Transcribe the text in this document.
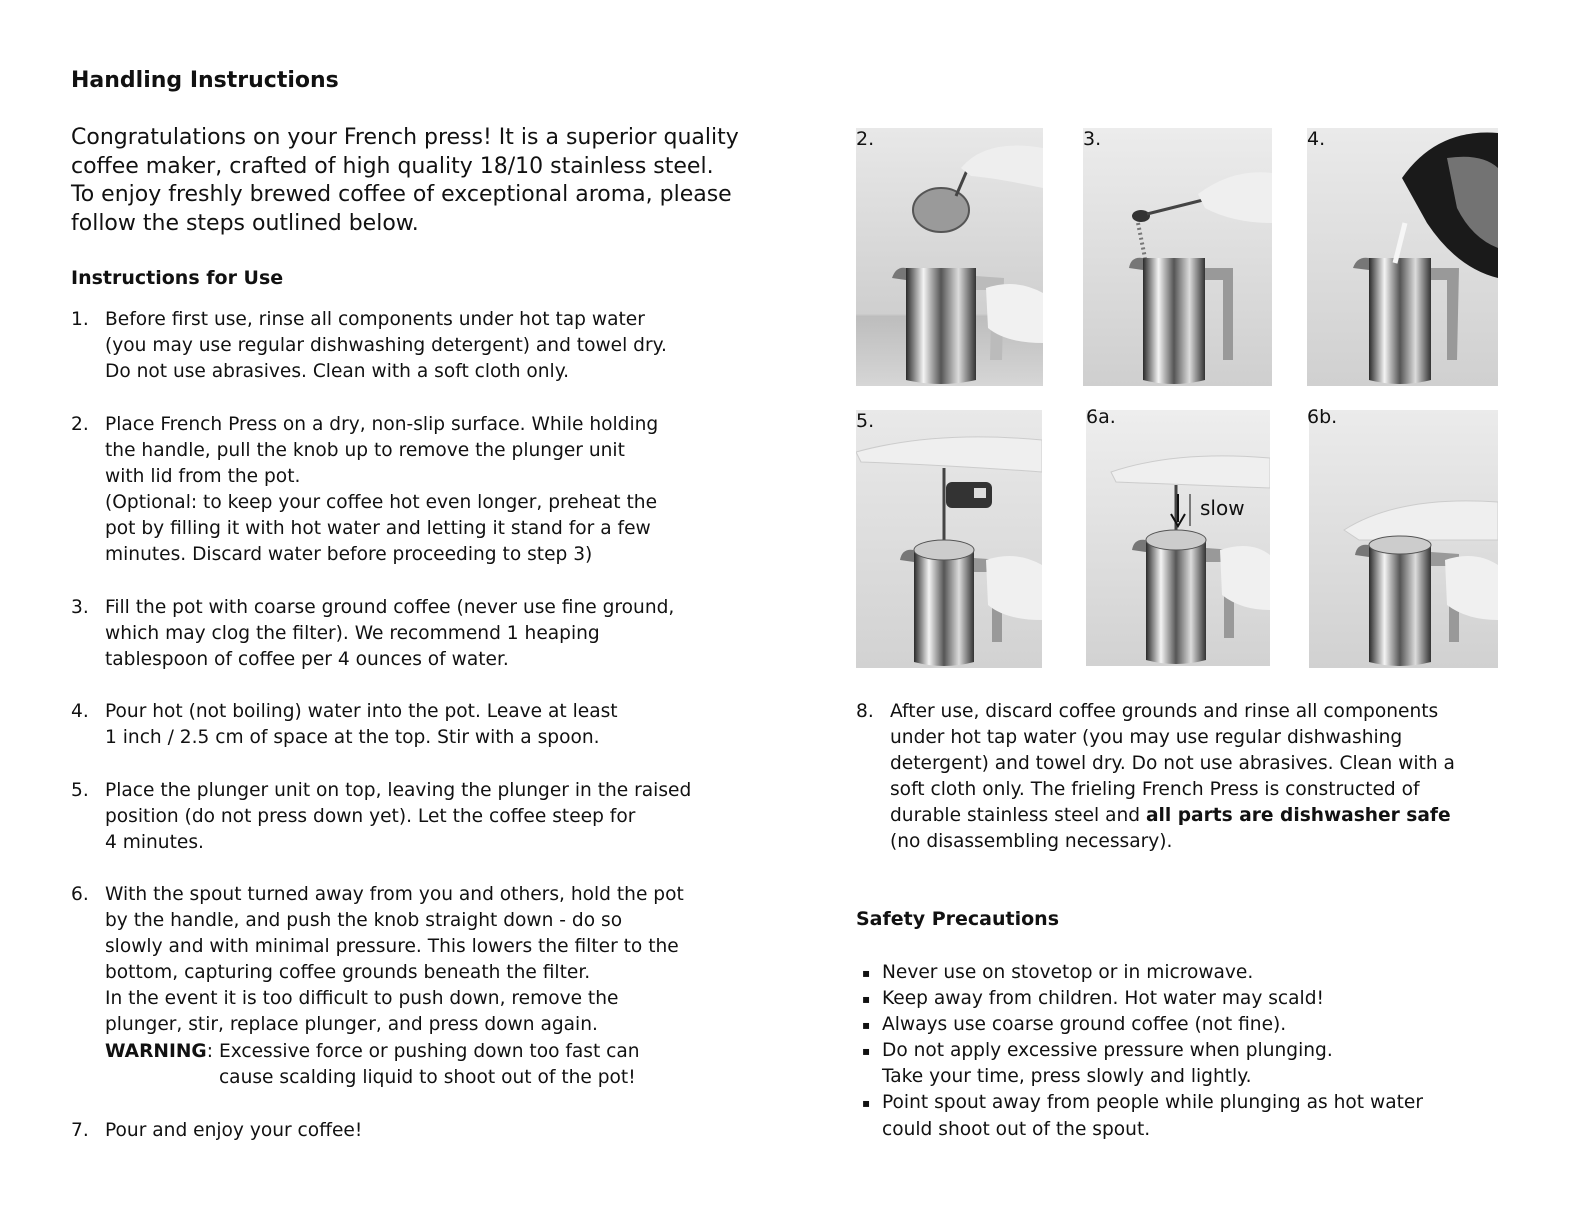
Handling Instructions
Congratulations on your French press! It is a superior quality
coffee maker, crafted of high quality 18/10 stainless steel.
To enjoy freshly brewed coffee of exceptional aroma, please
follow the steps outlined below.
Instructions for Use
1. Before first use, rinse all components under hot tap water
(you may use regular dishwashing detergent) and towel dry.
Do not use abrasives. Clean with a soft cloth only.
2. Place French Press on a dry, non-slip surface. While holding
the handle, pull the knob up to remove the plunger unit
with lid from the pot.
(Optional: to keep your coffee hot even longer, preheat the
pot by filling it with hot water and letting it stand for a few
minutes. Discard water before proceeding to step 3)
3. Fill the pot with coarse ground coffee (never use fine ground,
which may clog the filter). We recommend 1 heaping
tablespoon of coffee per 4 ounces of water.
4. Pour hot (not boiling) water into the pot. Leave at least
1 inch / 2.5 cm of space at the top. Stir with a spoon.
5. Place the plunger unit on top, leaving the plunger in the raised
position (do not press down yet). Let the coffee steep for
4 minutes.
6. With the spout turned away from you and others, hold the pot
by the handle, and push the knob straight down - do so
slowly and with minimal pressure. This lowers the filter to the
bottom, capturing coffee grounds beneath the filter.
In the event it is too difficult to push down, remove the
plunger, stir, replace plunger, and press down again.
WARNING : Excessive force or pushing down too fast can
cause scalding liquid to shoot out of the pot!
7. Pour and enjoy your coffee!
2.	3.	4.
5.
slow
6a.	6b.
8. After use, discard coffee grounds and rinse all components
under hot tap water (you may use regular dishwashing
detergent) and towel dry. Do not use abrasives. Clean with a
soft cloth only. The frieling French Press is constructed of
durable stainless steel and all parts are dishwasher safe
(no disassembling necessary).
Safety Precautions
▪ Never use on stovetop or in microwave.
▪ Keep away from children. Hot water may scald!
▪ Always use coarse ground coffee (not fine).
▪ Do not apply excessive pressure when plunging.
Take your time, press slowly and lightly.
▪ Point spout away from people while plunging as hot water
could shoot out of the spout.
